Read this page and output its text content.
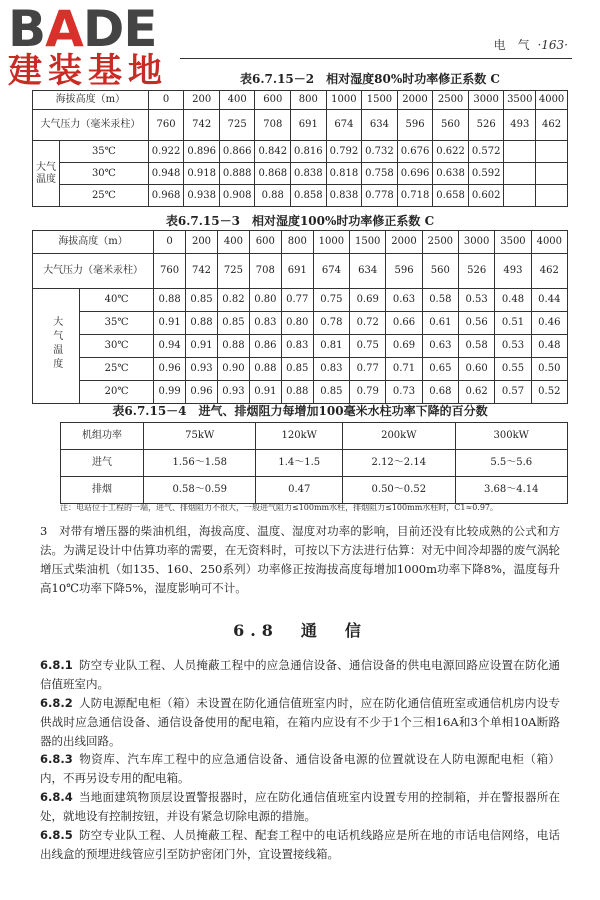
BADE
建装基地
电　气 ·163·
表6.7.15－2　相对湿度80%时功率修正系数 C
海拔高度（m）		0	200	400	600	800	1000	1500	2000	2500	3000	3500	4000
大气压力（毫米汞柱）		760	742	725	708	691	674	634	596	560	526	493	462
大气温度	35℃	0.922	0.896	0.866	0.842	0.816	0.792	0.732	0.676	0.622	0.572		
	30℃	0.948	0.918	0.888	0.868	0.838	0.818	0.758	0.696	0.638	0.592		
	25℃	0.968	0.938	0.908	0.88	0.858	0.838	0.778	0.718	0.658	0.602		
表6.7.15－3　相对湿度100%时功率修正系数 C
海拔高度（m）		0	200	400	600	800	1000	1500	2000	2500	3000	3500	4000
大气压力（毫米汞柱）		760	742	725	708	691	674	634	596	560	526	493	462
大气温度	40℃	0.88	0.85	0.82	0.80	0.77	0.75	0.69	0.63	0.58	0.53	0.48	0.44
	35℃	0.91	0.88	0.85	0.83	0.80	0.78	0.72	0.66	0.61	0.56	0.51	0.46
	30℃	0.94	0.91	0.88	0.86	0.83	0.81	0.75	0.69	0.63	0.58	0.53	0.48
	25℃	0.96	0.93	0.90	0.88	0.85	0.83	0.77	0.71	0.65	0.60	0.55	0.50
	20℃	0.99	0.96	0.93	0.91	0.88	0.85	0.79	0.73	0.68	0.62	0.57	0.52
表6.7.15－4　进气、排烟阻力每增加100毫米水柱功率下降的百分数
机组功率	75kW	120kW	200kW	300kW
进气	1.56～1.58	1.4～1.5	2.12～2.14	5.5～5.6
排烟	0.58～0.59	0.47	0.50～0.52	3.68～4.14
注：电站位于工程的一端，进气、排烟阻力不很大，一般进气阻力≤100mm水柱，排烟阻力≤100mm水柱时，C1≈0.97。
3　对带有增压器的柴油机组，海拔高度、温度、湿度对功率的影响，目前还没有比较成熟的公式和方法。为满足设计中估算功率的需要，在无资料时，可按以下方法进行估算：对无中间冷却器的废气涡轮增压式柴油机（如135、160、250系列）功率修正按海拔高度每增加1000m功率下降8%，温度每升高10℃功率下降5%，湿度影响可不计。
6.8　通　信
6.8.1 防空专业队工程、人员掩蔽工程中的应急通信设备、通信设备的供电电源回路应设置在防化通信值班室内。
6.8.2 人防电源配电柜（箱）未设置在防化通信值班室内时，应在防化通信值班室或通信机房内设专供战时应急通信设备、通信设备使用的配电箱，在箱内应设有不少于1个三相16A和3个单相10A断路器的出线回路。
6.8.3 物资库、汽车库工程中的应急通信设备、通信设备电源的位置就设在人防电源配电柜（箱）内，不再另设专用的配电箱。
6.8.4 当地面建筑物顶层设置警报器时，应在防化通信值班室内设置专用的控制箱，并在警报器所在处，就地设有控制按钮，并设有紧急切除电源的措施。
6.8.5 防空专业队工程、人员掩蔽工程、配套工程中的电话机线路应是所在地的市话电信网络，电话出线盒的预埋进线管应引至防护密闭门外，宜设置接线箱。
